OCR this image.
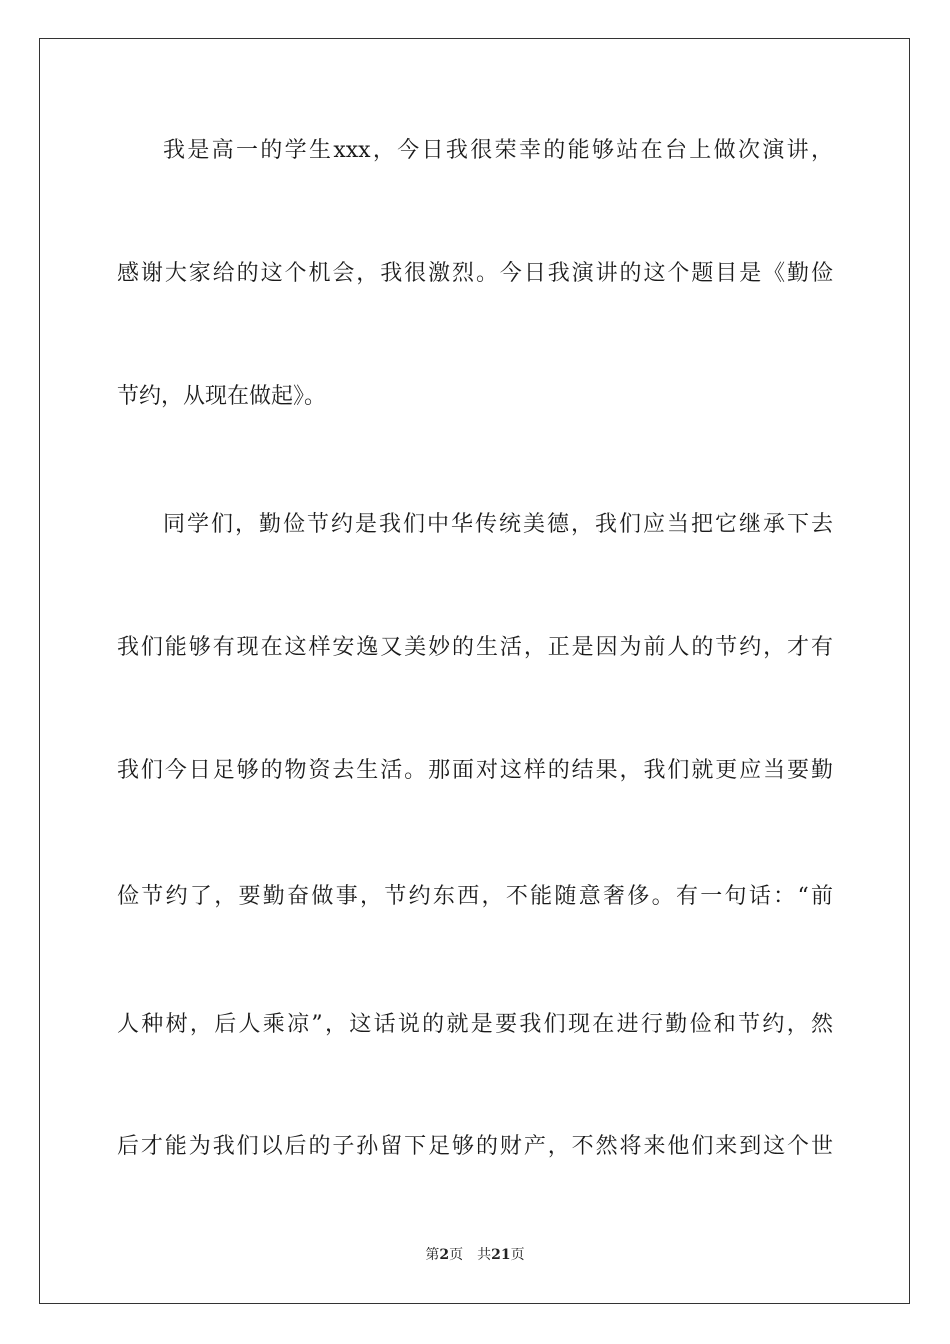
我是高一的学生xxx，今日我很荣幸的能够站在台上做次演讲，
感谢大家给的这个机会，我很激烈。今日我演讲的这个题目是《勤俭
节约，从现在做起》。
同学们，勤俭节约是我们中华传统美德，我们应当把它继承下去
我们能够有现在这样安逸又美妙的生活，正是因为前人的节约，才有
我们今日足够的物资去生活。那面对这样的结果，我们就更应当要勤
俭节约了，要勤奋做事，节约东西，不能随意奢侈。有一句话：“前
人种树，后人乘凉”，这话说的就是要我们现在进行勤俭和节约，然
后才能为我们以后的子孙留下足够的财产，不然将来他们来到这个世
第2页 共21页
